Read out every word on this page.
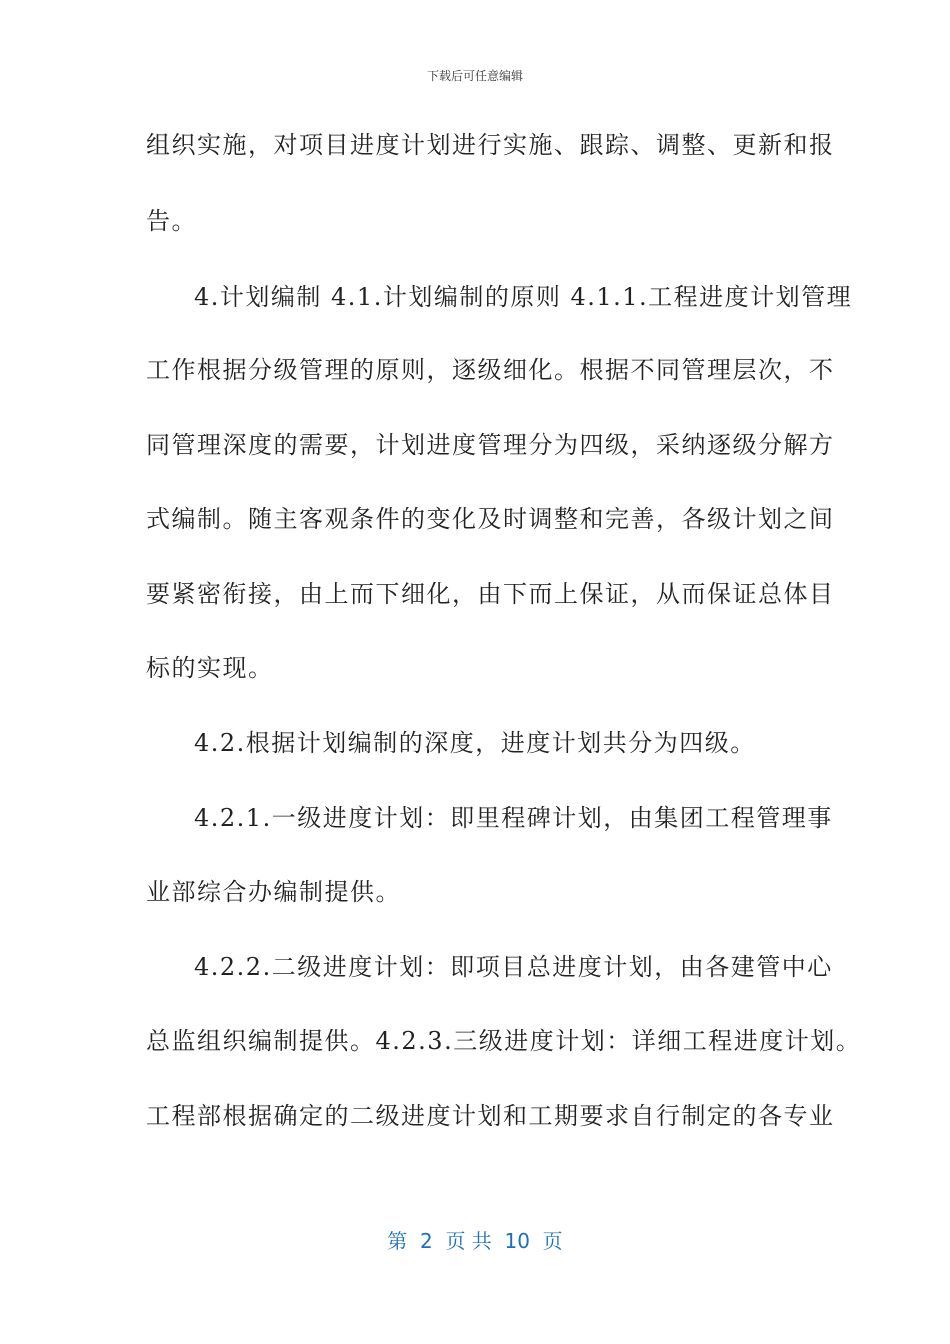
下载后可任意编辑
组织实施，对项目进度计划进行实施、跟踪、调整、更新和报
告。
4.计划编制 4.1.计划编制的原则 4.1.1.工程进度计划管理
工作根据分级管理的原则，逐级细化。根据不同管理层次，不
同管理深度的需要，计划进度管理分为四级，采纳逐级分解方
式编制。随主客观条件的变化及时调整和完善，各级计划之间
要紧密衔接，由上而下细化，由下而上保证，从而保证总体目
标的实现。
4.2.根据计划编制的深度，进度计划共分为四级。
4.2.1.一级进度计划：即里程碑计划，由集团工程管理事
业部综合办编制提供。
4.2.2.二级进度计划：即项目总进度计划，由各建管中心
总监组织编制提供。4.2.3.三级进度计划：详细工程进度计划。
工程部根据确定的二级进度计划和工期要求自行制定的各专业
第  2  页 共  10  页
